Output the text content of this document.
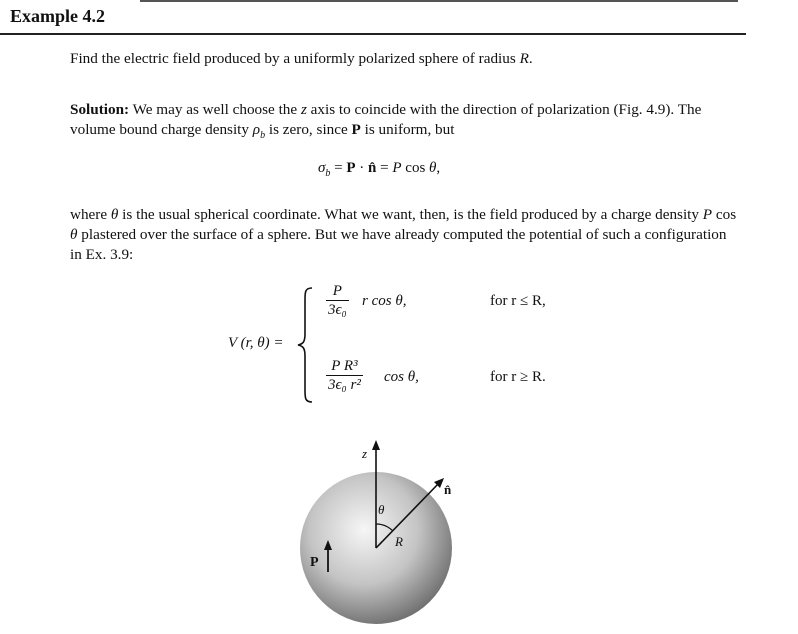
Example 4.2

Find the electric field produced by a uniformly polarized sphere of radius R.

Solution: We may as well choose the z axis to coincide with the direction of polarization (Fig. 4.9). The volume bound charge density $\rho_b$ is zero, since P is uniform, but

$\sigma_b = P$ · n̂ = P cos θ,

where θ is the usual spherical coordinate. What we want, then, is the field produced by a charge density P cos θ plastered over the surface of a sphere. But we have already computed the potential of such a configuration in Ex. 3.9:

V (r, θ) =
$\frac{P}{\text{3ϵ₀}}$ r cos θ,	for r ≤ R,
$\frac{\text{P R³}}{\text{3ϵ₀ r²}}$ cos θ,	for r ≥ R.
z
n̂
θ
R
P
